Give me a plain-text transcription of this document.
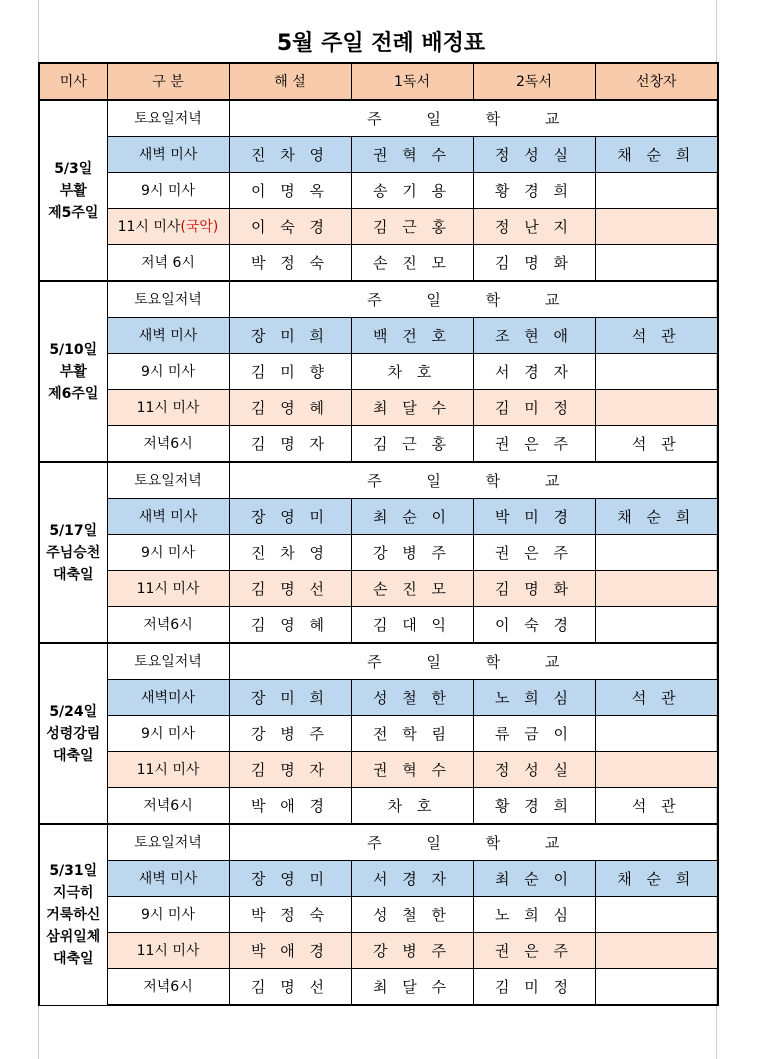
5월 주일 전례 배정표
미사	구 분	해 설	1독서	2독서	선창자

5/3일
부활
제5주일	토요일저녁	주 일 학 교			
	새벽 미사	진 차 영	권 혁 수	정 성 실	채 순 희
	9시 미사	이 명 옥	송 기 용	황 경 희	
	11시 미사(국악)	이 숙 경	김 근 홍	정 난 지	
	저녁 6시	박 정 숙	손 진 모	김 명 화	

5/10일
부활
제6주일	토요일저녁	주 일 학 교			
	새벽 미사	장 미 희	백 건 호	조 현 애	석 관
	9시 미사	김 미 향	차 호	서 경 자	
	11시 미사	김 영 혜	최 달 수	김 미 정	
	저녁6시	김 명 자	김 근 홍	권 은 주	석 관

5/17일
주님승천
대축일	토요일저녁	주 일 학 교			
	새벽 미사	장 영 미	최 순 이	박 미 경	채 순 희
	9시 미사	진 차 영	강 병 주	권 은 주	
	11시 미사	김 명 선	손 진 모	김 명 화	
	저녁6시	김 영 혜	김 대 익	이 숙 경	

5/24일
성령강림
대축일	토요일저녁	주 일 학 교			
	새벽미사	장 미 희	성 철 한	노 희 심	석 관
	9시 미사	강 병 주	전 학 림	류 금 이	
	11시 미사	김 명 자	권 혁 수	정 성 실	
	저녁6시	박 애 경	차 호	황 경 희	석 관

5/31일
지극히
거룩하신
삼위일체
대축일	토요일저녁	주 일 학 교			
	새벽 미사	장 영 미	서 경 자	최 순 이	채 순 희
	9시 미사	박 정 숙	성 철 한	노 희 심	
	11시 미사	박 애 경	강 병 주	권 은 주	
	저녁6시	김 명 선	최 달 수	김 미 정	
